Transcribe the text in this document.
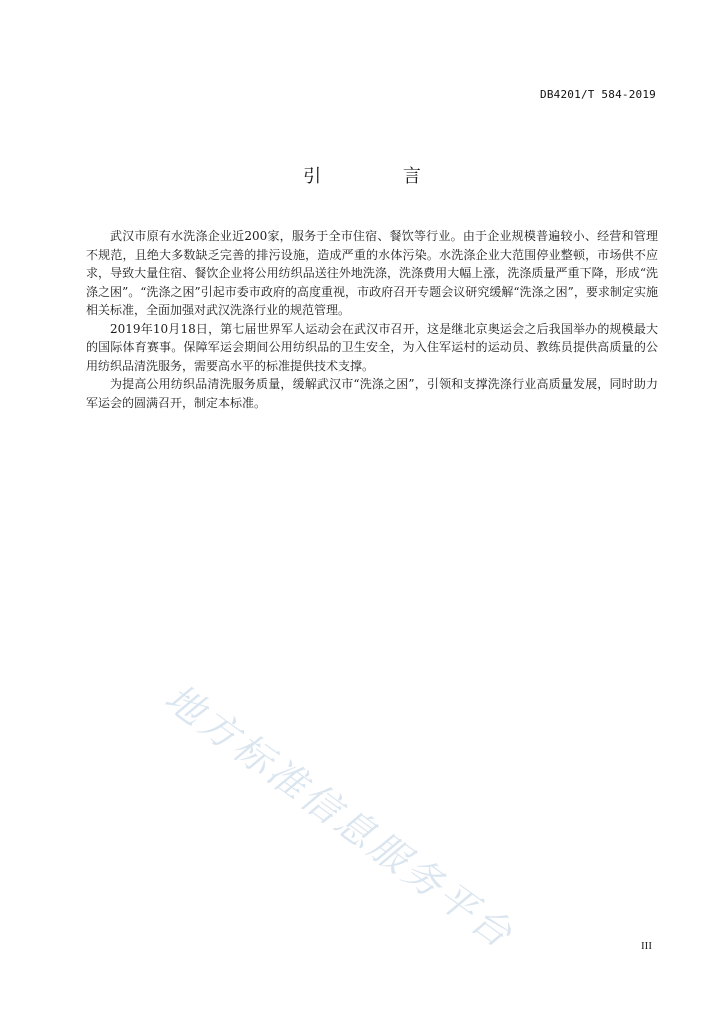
DB4201/T 584-2019
引 言

武汉市原有水洗涤企业近200家，服务于全市住宿、餐饮等行业。由于企业规模普遍较小、经营和管理不规范，且绝大多数缺乏完善的排污设施，造成严重的水体污染。水洗涤企业大范围停业整顿，市场供不应求，导致大量住宿、餐饮企业将公用纺织品送往外地洗涤，洗涤费用大幅上涨，洗涤质量严重下降，形成“洗涤之困”。“洗涤之困”引起市委市政府的高度重视，市政府召开专题会议研究缓解“洗涤之困”，要求制定实施相关标准，全面加强对武汉洗涤行业的规范管理。

2019年10月18日，第七届世界军人运动会在武汉市召开，这是继北京奥运会之后我国举办的规模最大的国际体育赛事。保障军运会期间公用纺织品的卫生安全，为入住军运村的运动员、教练员提供高质量的公用纺织品清洗服务，需要高水平的标准提供技术支撑。

为提高公用纺织品清洗服务质量，缓解武汉市“洗涤之困”，引领和支撑洗涤行业高质量发展，同时助力军运会的圆满召开，制定本标准。

地方标准信息服务平台	III
